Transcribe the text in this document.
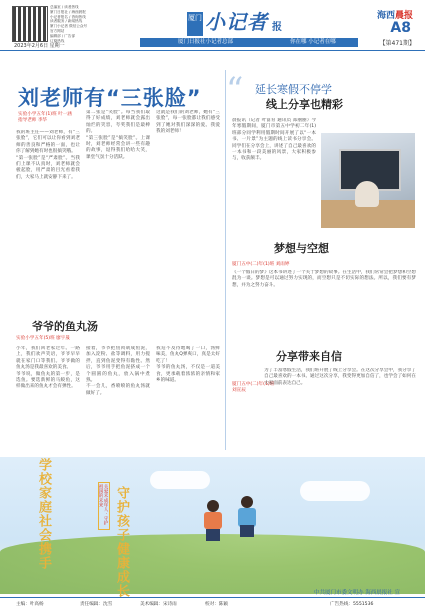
总编室 / 读者热线
厦门日报社 / 海西晨报
小记者报名 / 咨询热线
读者服务 / 新闻热线
厦门小记者 微信公众号
官方网站
编辑部 / 广告部
订阅热线
厦门 小记者 报
海西晨报
A8
【第471期】
厦门日报社小记者总部	你在哪 小记者在哪
2023年2月6日 星期一
刘老师有“三张脸”
实验小学五年(1)班 叶一涵
指导老师 李华
我的班主任——刘老师，有“三张脸”，它们可以让你看到刘老师的善良和严格的一面，也让你了解到她有时也很搞笑哦。
“第一张脸”是“严肃脸”。当我们上课不认真时，刘老师就会板起脸，用严肃的目光看着我们，大家马上就安静下来了。
第二张是“笑脸”。每当我们取得了好成绩，刘老师就会露出灿烂的笑容，夸奖我们是最棒的。
“第三张脸”是“搞笑脸”。上课时，刘老师经常会讲一些有趣的故事，逗得我们哈哈大笑，课堂气氛十分活跃。
这就是我们的刘老师，她有“三张脸”，每一张脸都让我们感受到了她对我们深深的爱。我爱我的刘老师！
“ 延长寒假不停学
线上分享也精彩
晨报讯（记者 叶富育 通讯员 郑丽丽）今年寒假期间，厦门市第五中学初二年(1)班部分同学利用假期时间开展了以“一本书、一片景”为主题的线上读书分享会。同学们在分享会上，讲述了自己最喜欢的一本书和一段美丽的风景，大家积极参与，收获颇丰。
梦想与空想
厦门五中(二)年(1)班 刘雨婷
《一个假日的梦》这本书讲述了一个关于梦想的故事。在生活中，我们常常会把梦想和空想混为一谈。梦想是可以通过努力实现的，而空想只是不切实际的想法。所以，我们要有梦想，并为之努力奋斗。
分享带来自信
厦门五中(二)年(1)班
刘宣辰
为了丰富寒假生活，我们班开展了线上分享会。在这次分享会中，我分享了自己最喜欢的一本书。通过这次分享，我变得更加自信了，也学会了如何在大家面前表达自己。
爷爷的鱼丸汤
实验小学五年(5)班 廖宇晟
小年，我们回老家过年。一路上，我们欢声笑语，爷爷早早就在家门口等我们。爷爷做的鱼丸汤是我最喜欢的美食。
爷爷说，做鱼丸的第一步，是选鱼。要选新鲜的马鲛鱼，这样做出来的鱼丸才会有弹性。
接着，爷爷把鱼肉剁成鱼泥，加入淀粉、盐等调料，用力搅拌，直到鱼泥变得有黏性。然后，爷爷用手把鱼泥挤成一个个圆圆的鱼丸，放入锅中煮熟。
不一会儿，香喷喷的鱼丸汤就做好了。
我迫不及待地喝了一口，汤鲜味美，鱼丸Q弹爽口，真是太好吃了！
爷爷的鱼丸汤，不仅是一道美食，更承载着浓浓的亲情和家乡的味道。
学校家庭社会携手	关爱未成年人 · 守护祖国的未来 守护孩子健康成长	中共厦门市委文明办 海西晨报社 宣
主编：叶高杨	责任编辑：沈雪	美术编辑：宋诗雨	校对：陈颖	广告热线：5551536
